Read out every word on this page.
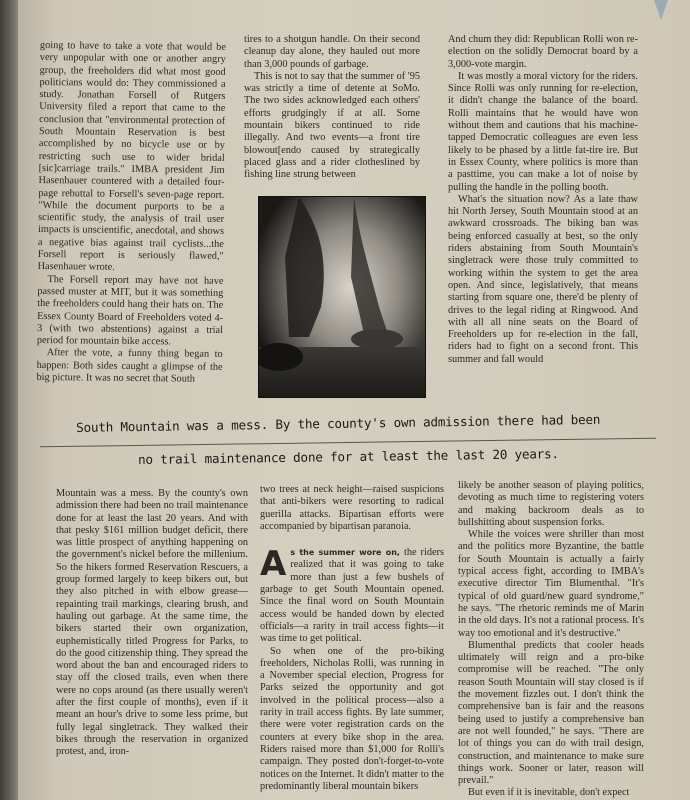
going to have to take a vote that would be very unpopular with one or another angry group, the freeholders did what most good politicians would do: They commissioned a study. Jonathan Forsell of Rutgers University filed a report that came to the conclusion that "environmental protection of South Mountain Reservation is best accomplished by no bicycle use or by restricting such use to wider bridal [sic]carriage trails." IMBA president Jim Hasenhauer countered with a detailed four-page rebuttal to Forsell's seven-page report. "While the document purports to be a scientific study, the analysis of trail user impacts is unscientific, anecdotal, and shows a negative bias against trail cyclists...the Forsell report is seriously flawed," Hasenhauer wrote.

The Forsell report may have not have passed muster at MIT, but it was something the freeholders could hang their hats on. The Essex County Board of Freeholders voted 4-3 (with two abstentions) against a trial period for mountain bike access.

After the vote, a funny thing began to happen: Both sides caught a glimpse of the big picture. It was no secret that South

tires to a shotgun handle. On their second cleanup day alone, they hauled out more than 3,000 pounds of garbage.

This is not to say that the summer of '95 was strictly a time of detente at SoMo. The two sides acknowledged each others' efforts grudgingly if at all. Some mountain bikers continued to ride illegally. And two events—a front tire blowout[endo caused by strategically placed glass and a rider clotheslined by fishing line strung between

And chum they did: Republican Rolli won re-election on the solidly Democrat board by a 3,000-vote margin.

It was mostly a moral victory for the riders. Since Rolli was only running for re-election, it didn't change the balance of the board. Rolli maintains that he would have won without them and cautions that his machine-tapped Democratic colleagues are even less likely to be phased by a little fat-tire ire. But in Essex County, where politics is more than a pasttime, you can make a lot of noise by pulling the handle in the polling booth.

What's the situation now? As a late thaw hit North Jersey, South Mountain stood at an awkward crossroads. The biking ban was being enforced casually at best, so the only riders abstaining from South Mountain's singletrack were those truly committed to working within the system to get the area open. And since, legislatively, that means starting from square one, there'd be plenty of drives to the legal riding at Ringwood. And with all all nine seats on the Board of Freeholders up for re-election in the fall, riders had to fight on a second front. This summer and fall would

South Mountain was a mess. By the county's own admission there had been
no trail maintenance done for at least the last 20 years.

Mountain was a mess. By the county's own admission there had been no trail maintenance done for at least the last 20 years. And with that pesky $161 million budget deficit, there was little prospect of anything happening on the government's nickel before the millenium. So the hikers formed Reservation Rescuers, a group formed largely to keep bikers out, but they also pitched in with elbow grease—repainting trail markings, clearing brush, and hauling out garbage. At the same time, the bikers started their own organization, euphemistically titled Progress for Parks, to do the good citizenship thing. They spread the word about the ban and encouraged riders to stay off the closed trails, even when there were no cops around (as there usually weren't after the first couple of months), even if it meant an hour's drive to some less prime, but fully legal singletrack. They walked their bikes through the reservation in organized protest, and, iron-

two trees at neck height—raised suspicions that anti-bikers were resorting to radical guerilla attacks. Bipartisan efforts were accompanied by bipartisan paranoia.

As the summer wore on, the riders realized that it was going to take more than just a few bushels of garbage to get South Mountain opened. Since the final word on South Mountain access would be handed down by elected officials—a rarity in trail access fights—it was time to get political.

So when one of the pro-biking freeholders, Nicholas Rolli, was running in a November special election, Progress for Parks seized the opportunity and got involved in the political process—also a rarity in trail access fights. By late summer, there were voter registration cards on the counters at every bike shop in the area. Riders raised more than $1,000 for Rolli's campaign. They posted don't-forget-to-vote notices on the Internet. It didn't matter to the predominantly liberal mountain bikers

likely be another season of playing politics, devoting as much time to registering voters and making backroom deals as to bullshitting about suspension forks.

While the voices were shriller than most and the politics more Byzantine, the battle for South Mountain is actually a fairly typical access fight, according to IMBA's executive director Tim Blumenthal. "It's typical of old guard/new guard syndrome," he says. "The rhetoric reminds me of Marin in the old days. It's not a rational process. It's way too emotional and it's destructive."

Blumenthal predicts that cooler heads ultimately will reign and a pro-bike compromise will be reached. "The only reason South Mountain will stay closed is if the movement fizzles out. I don't think the comprehensive ban is fair and the reasons being used to justify a comprehensive ban are not well founded," he says. "There are lot of things you can do with trail design, construction, and maintenance to make sure things work. Sooner or later, reason will prevail."

But even if it is inevitable, don't expect
